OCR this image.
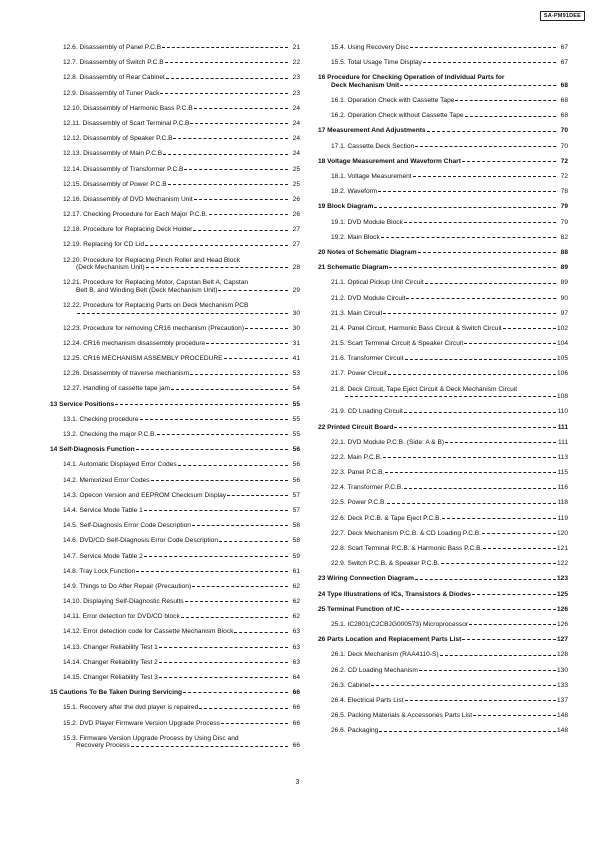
SA-PM91DEE
12.6. Disassembly of Panel P.C.B	21
12.7. Disassembly of Switch P.C.B	22
12.8. Disassembly of Rear Cabinet	23
12.9. Disassembly of Tuner Pack	23
12.10. Disassembly of Harmonic Bass P.C.B	24
12.11. Disassembly of Scart Terminal P.C.B	24
12.12. Disassembly of Speaker P.C.B	24
12.13. Disassembly of Main P.C.B	24
12.14. Disassembly of Transformer P.C.B	25
12.15. Disassembly of Power P.C.B	25
12.16. Disassembly of DVD Mechanism Unit	26
12.17. Checking Procedure for Each Major P.C.B.	26
12.18. Procedure for Replacing Deck Holder	27
12.19. Replacing for CD Lid	27
12.20. Procedure for Replacing Pinch Roller and Head Block
(Deck Mechanism Unit)	28
12.21. Procedure for Replacing Motor, Capstan Belt A, Capstan
Belt B, and Winding Belt (Deck Mechanism Unit)	29
12.22. Procedure for Replacing Parts on Deck Mechanism PCB
30
12.23. Procedure for removing CR16 mechanism (Precaution)	30
12.24. CR16 mechanism disassembly procedure	31
12.25. CR16 MECHANISM ASSEMBLY PROCEDURE	41
12.26. Disassembly of traverse mechanism	53
12.27. Handling of cassette tape jam	54
13 Service Positions	55
13.1. Checking procedure	55
13.2. Checking the major P.C.B.	55
14 Self-Diagnosis Function	56
14.1. Automatic Displayed Error Codes	56
14.2. Memorized Error Codes	56
14.3. Opecon Version and EEPROM Checksum Display	57
14.4. Service Mode Table 1	57
14.5. Self-Diagnosis Error Code Description	58
14.6. DVD/CD Self-Diagnosis Error Code Description	58
14.7. Service Mode Table 2	59
14.8. Tray Lock Function	61
14.9. Things to Do After Repair (Precaution)	62
14.10. Displaying Self-Diagnostic Results	62
14.11. Error detection for DVD/CD block	62
14.12. Error detection code for Cassette Mechanism Block	63
14.13. Changer Reliability Test 1	63
14.14. Changer Reliability Test 2	63
14.15. Changer Reliability Test 3	64
15 Cautions To Be Taken During Servicing	66
15.1. Recovery after the dvd player is repaired	66
15.2. DVD Player Firmware Version Upgrade Process	66
15.3. Firmware Version Upgrade Process by Using Disc and
Recovery Process	66
15.4. Using Recovery Disc	67
15.5. Total Usage Time Display	67
16 Procedure for Checking Operation of Individual Parts for
Deck Mechanism Unit	68
16.1. Operation Check with Cassette Tape	68
16.2. Operation Check without Cassette Tape	68
17 Measurement And Adjustments	70
17.1. Cassette Deck Section	70
18 Voltage Measurement and Waveform Chart	72
18.1. Voltage Measurement	72
18.2. Waveform	78
19 Block Diagram	79
19.1. DVD Module Block	79
19.2. Main Block	82
20 Notes of Schematic Diagram	88
21 Schematic Diagram	89
21.1. Optical Pickup Unit Circuit	89
21.2. DVD Module Circuit	90
21.3. Main Circuit	97
21.4. Panel Circuit, Harmonic Bass Circuit & Switch Circuit	102
21.5. Scart Terminal Circuit & Speaker Circuit	104
21.6. Transformer Circuit	105
21.7. Power Circuit	106
21.8. Deck Circuit, Tape Eject Circuit & Deck Mechanism Circuit
108
21.9. CD Loading Circuit	110
22 Printed Circuit Board	111
22.1. DVD Module P.C.B. (Side: A & B)	111
22.2. Main P.C.B.	113
22.3. Panel P.C.B.	115
22.4. Transformer P.C.B.	116
22.5. Power P.C.B.	118
22.6. Deck P.C.B. & Tape Eject P.C.B.	119
22.7. Deck Mechanism P.C.B. & CD Loading P.C.B.	120
22.8. Scart Terminal P.C.B. & Harmonic Bass P.C.B.	121
22.9. Switch P.C.B. & Speaker P.C.B.	122
23 Wiring Connection Diagram	123
24 Type Illustrations of ICs, Transistors & Diodes	125
25 Terminal Function of IC	126
25.1. IC2801(C2CBJG000573) Microprocessor	126
26 Parts Location and Replacement Parts List	127
26.1. Deck Mechanism (RAA4110-S)	128
26.2. CD Loading Mechanism	130
26.3. Cabinet	133
26.4. Electrical Parts List	137
26.5. Packing Materials & Accessories Parts List	148
26.6. Packaging	148
3
